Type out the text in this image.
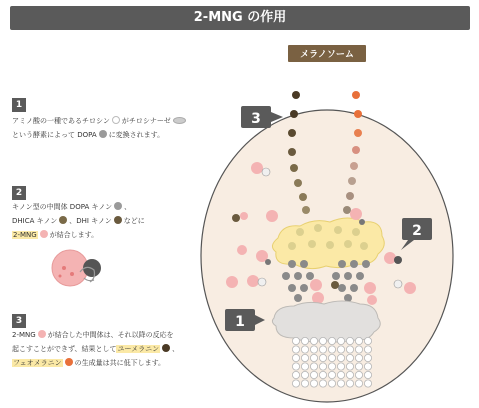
2-MNG の作用
1
アミノ酸の一種であるチロシン がチロシナーゼ
という酵素によって DOPA に変換されます。
2
キノン型の中間体 DOPA キノン 、
DHICA キノン 、DHI キノン などに
2-MNG が結合します。
3
2-MNG が結合した中間体は、それ以降の反応を
起こすことができず、結果としてユーメラニン 、
フェオメラニン の生成量は共に低下します。
メラノソーム
3
2
1
